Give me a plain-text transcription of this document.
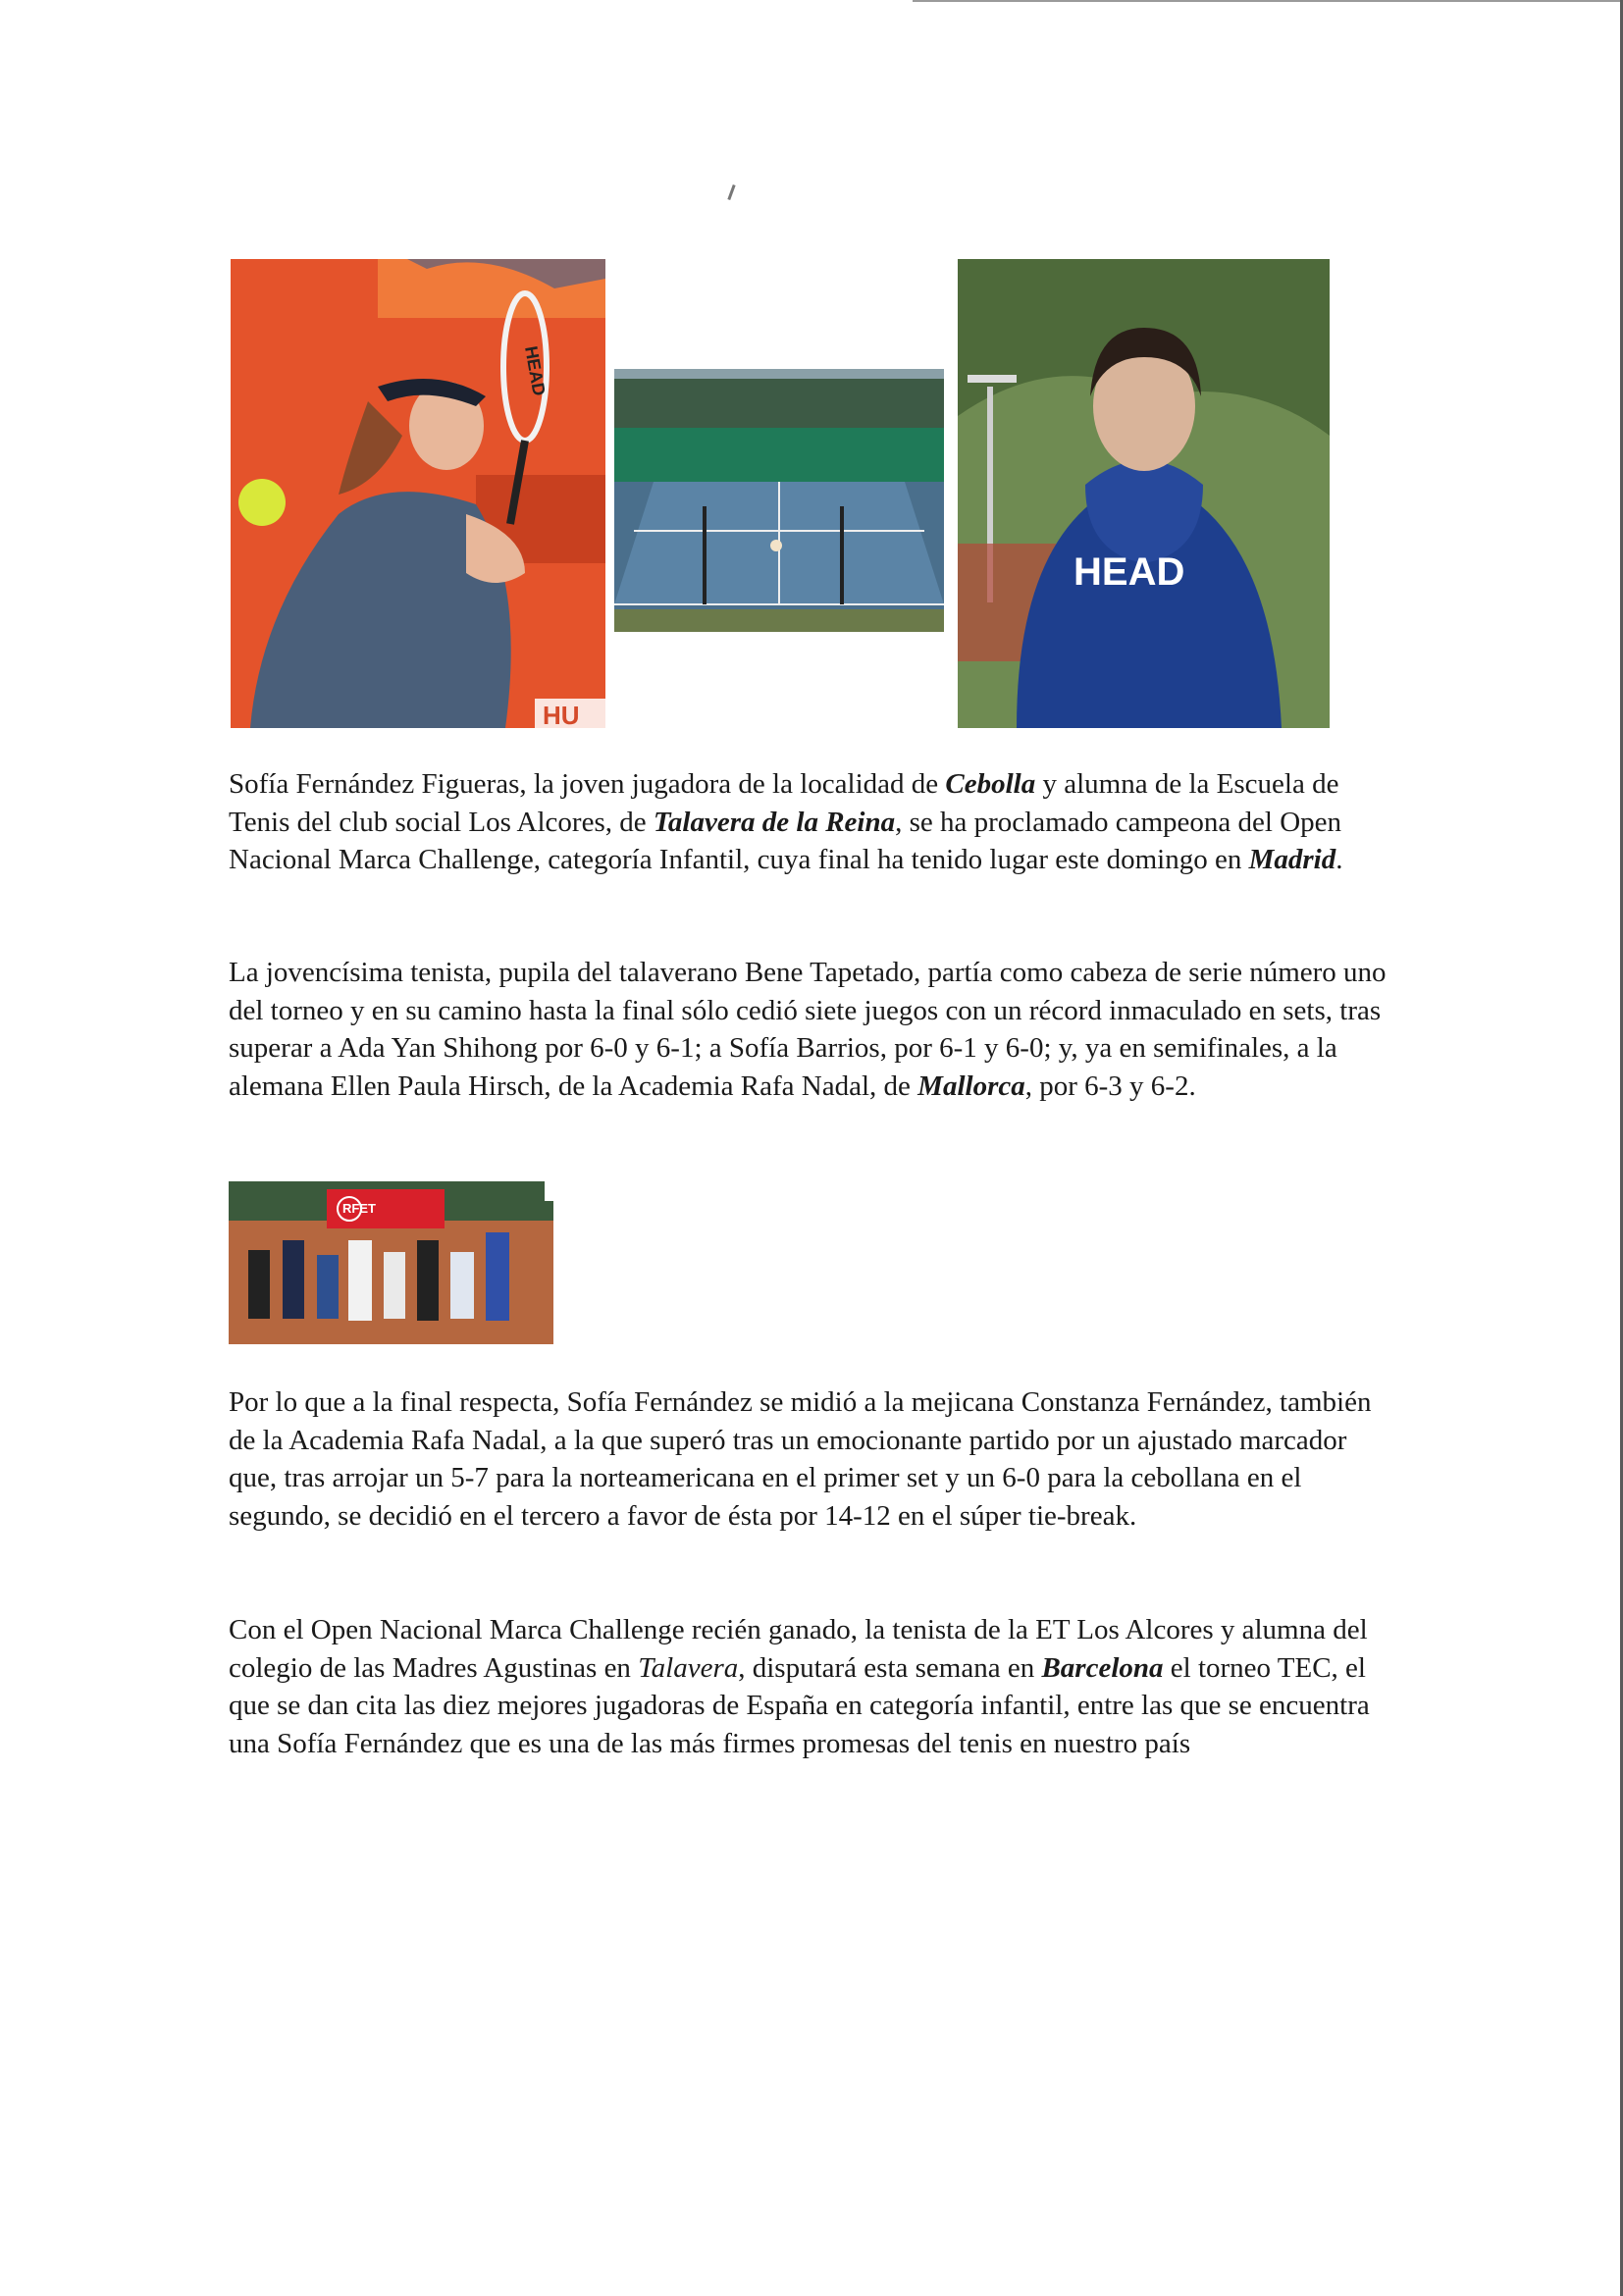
HEAD
HU
HEAD

Sofía Fernández Figueras, la joven jugadora de la localidad de Cebolla y alumna de la Escuela de Tenis del club social Los Alcores, de Talavera de la Reina, se ha proclamado campeona del Open Nacional Marca Challenge, categoría Infantil, cuya final ha tenido lugar este domingo en Madrid.

La jovencísima tenista, pupila del talaverano Bene Tapetado, partía como cabeza de serie número uno del torneo y en su camino hasta la final sólo cedió siete juegos con un récord inmaculado en sets, tras superar a Ada Yan Shihong por 6-0 y 6-1; a Sofía Barrios, por 6-1 y 6-0; y, ya en semifinales, a la alemana Ellen Paula Hirsch, de la Academia Rafa Nadal, de Mallorca, por 6-3 y 6-2.

RFET

Por lo que a la final respecta, Sofía Fernández se midió a la mejicana Constanza Fernández, también de la Academia Rafa Nadal, a la que superó tras un emocionante partido por un ajustado marcador que, tras arrojar un 5-7 para la norteamericana en el primer set y un 6-0 para la cebollana en el segundo, se decidió en el tercero a favor de ésta por 14-12 en el súper tie-break.

Con el Open Nacional Marca Challenge recién ganado, la tenista de la ET Los Alcores y alumna del colegio de las Madres Agustinas en Talavera, disputará esta semana en Barcelona el torneo TEC, el que se dan cita las diez mejores jugadoras de España en categoría infantil, entre las que se encuentra una Sofía Fernández que es una de las más firmes promesas del tenis en nuestro país
